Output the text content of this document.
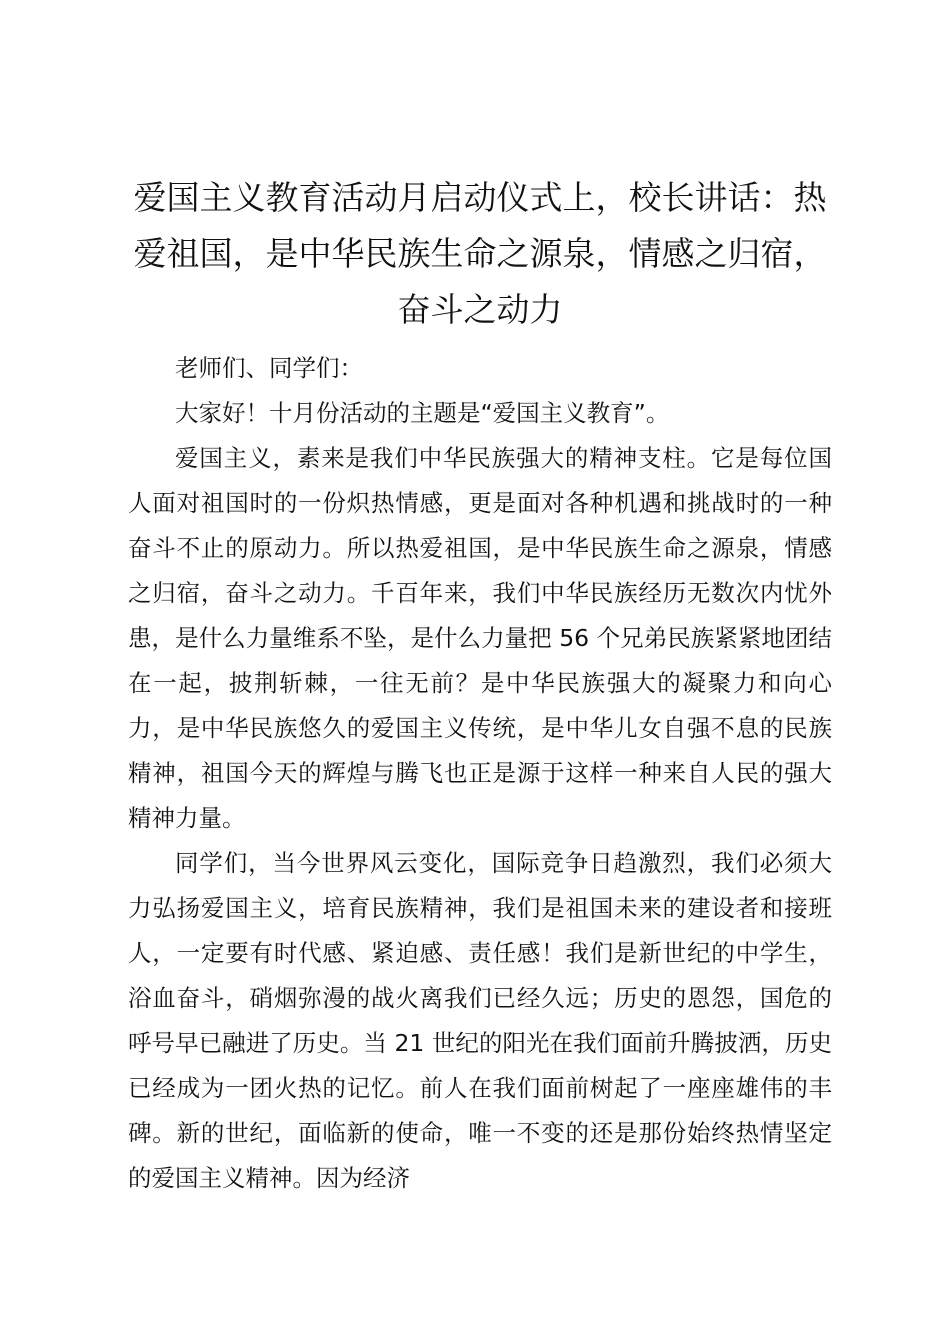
爱国主义教育活动月启动仪式上，校长讲话：热爱祖国，是中华民族生命之源泉，情感之归宿，奋斗之动力

老师们、同学们：

大家好！十月份活动的主题是“爱国主义教育”。

爱国主义，素来是我们中华民族强大的精神支柱。它是每位国人面对祖国时的一份炽热情感，更是面对各种机遇和挑战时的一种奋斗不止的原动力。所以热爱祖国，是中华民族生命之源泉，情感之归宿，奋斗之动力。千百年来，我们中华民族经历无数次内忧外患，是什么力量维系不坠，是什么力量把 56 个兄弟民族紧紧地团结在一起，披荆斩棘，一往无前？是中华民族强大的凝聚力和向心力，是中华民族悠久的爱国主义传统，是中华儿女自强不息的民族精神，祖国今天的辉煌与腾飞也正是源于这样一种来自人民的强大精神力量。

同学们，当今世界风云变化，国际竞争日趋激烈，我们必须大力弘扬爱国主义，培育民族精神，我们是祖国未来的建设者和接班人，一定要有时代感、紧迫感、责任感！我们是新世纪的中学生，浴血奋斗，硝烟弥漫的战火离我们已经久远；历史的恩怨，国危的呼号早已融进了历史。当 21 世纪的阳光在我们面前升腾披洒，历史已经成为一团火热的记忆。前人在我们面前树起了一座座雄伟的丰碑。新的世纪，面临新的使命，唯一不变的还是那份始终热情坚定的爱国主义精神。因为经济
